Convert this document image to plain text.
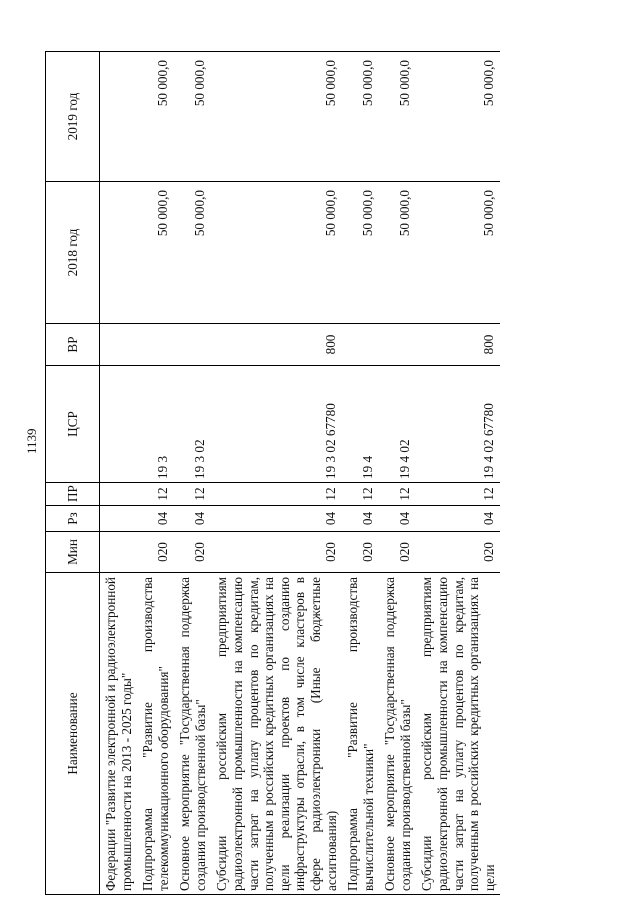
1139
Наименование	Мин	Рз	ПР	ЦСР	ВР	2018 год	2019 год
Федерации "Развитие электронной и радиоэлектронной промышленности на 2013 - 2025 годы"							
Подпрограмма "Развитие производства телекоммуникационного оборудования"	020	04	12	19 3		50 000,0	50 000,0
Основное мероприятие "Государственная поддержка создания производственной базы"	020	04	12	19 3 02		50 000,0	50 000,0
Субсидии российским предприятиям радиоэлектронной промышленности на компенсацию части затрат на уплату процентов по кредитам, полученным в российских кредитных организациях на цели реализации проектов по созданию инфраструктуры отрасли, в том числе кластеров в сфере радиоэлектроники (Иные бюджетные ассигнования)	020	04	12	19 3 02 67780	800	50 000,0	50 000,0
Подпрограмма "Развитие производства вычислительной техники"	020	04	12	19 4		50 000,0	50 000,0
Основное мероприятие "Государственная поддержка создания производственной базы"	020	04	12	19 4 02		50 000,0	50 000,0
Субсидии российским предприятиям радиоэлектронной промышленности на компенсацию части затрат на уплату процентов по кредитам, полученным в российских кредитных организациях на цели	020	04	12	19 4 02 67780	800	50 000,0	50 000,0
